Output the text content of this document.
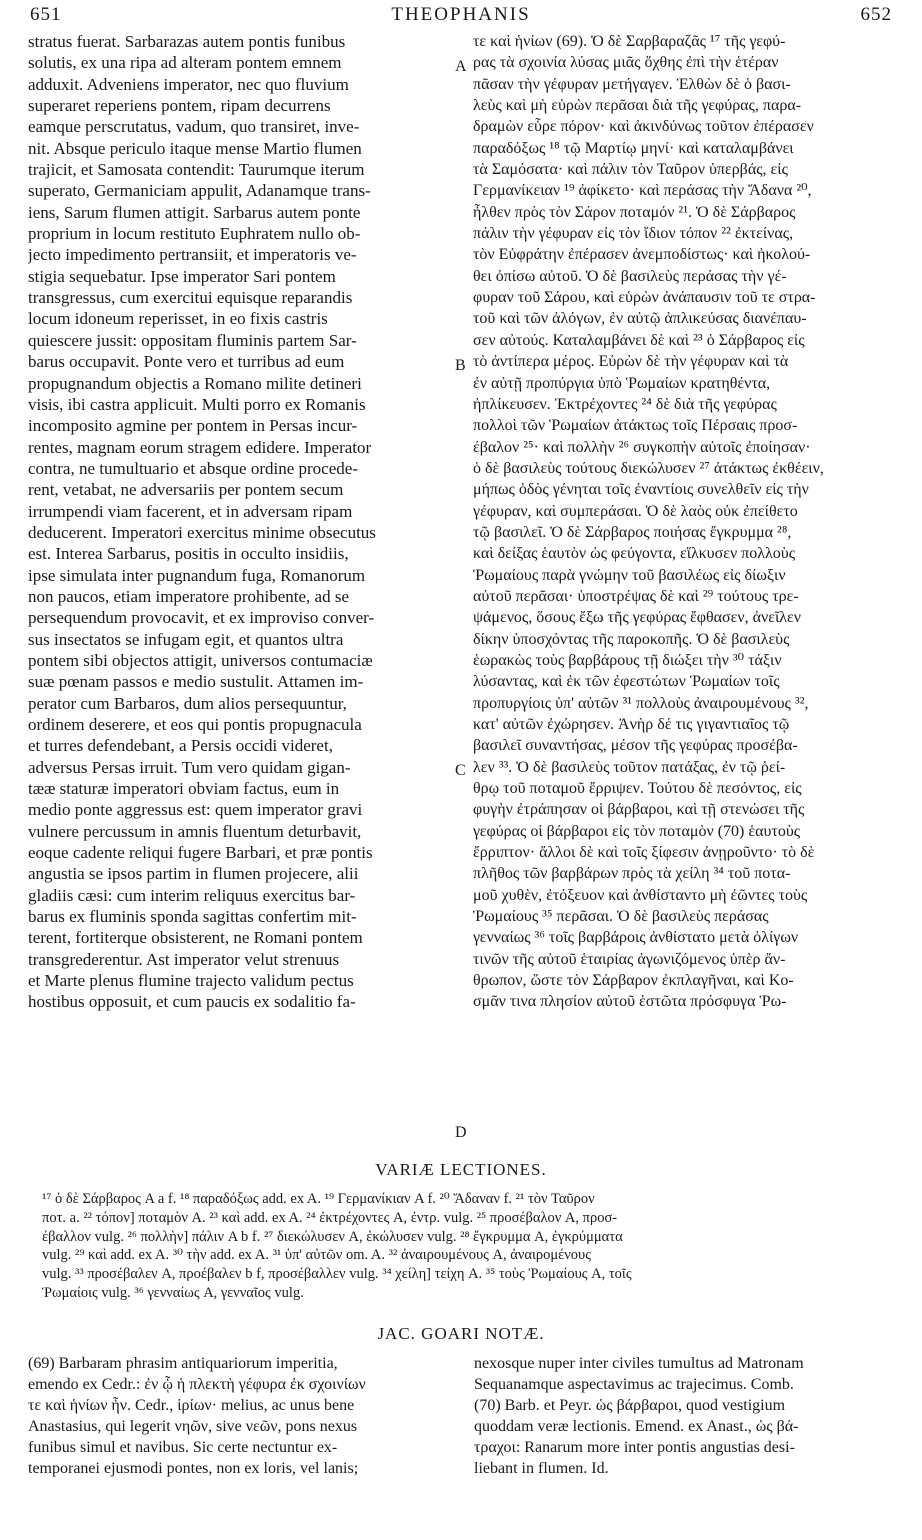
651	THEOPHANIS	652
stratus fuerat. Sarbarazas autem pontis funibus
solutis, ex una ripa ad alteram pontem emnem
adduxit. Adveniens imperator, nec quo fluvium
superaret reperiens pontem, ripam decurrens
eamque perscrutatus, vadum, quo transiret, inve-
nit. Absque periculo itaque mense Martio flumen
trajicit, et Samosata contendit: Taurumque iterum
superato, Germaniciam appulit, Adanamque trans-
iens, Sarum flumen attigit. Sarbarus autem ponte
proprium in locum restituto Euphratem nullo ob-
jecto impedimento pertransiit, et imperatoris ve-
stigia sequebatur. Ipse imperator Sari pontem
transgressus, cum exercitui equisque reparandis
locum idoneum reperisset, in eo fixis castris
quiescere jussit: oppositam fluminis partem Sar-
barus occupavit. Ponte vero et turribus ad eum
propugnandum objectis a Romano milite detineri
visis, ibi castra applicuit. Multi porro ex Romanis
incomposito agmine per pontem in Persas incur-
rentes, magnam eorum stragem edidere. Imperator
contra, ne tumultuario et absque ordine procede-
rent, vetabat, ne adversariis per pontem secum
irrumpendi viam facerent, et in adversam ripam
deducerent. Imperatori exercitus minime obsecutus
est. Interea Sarbarus, positis in occulto insidiis,
ipse simulata inter pugnandum fuga, Romanorum
non paucos, etiam imperatore prohibente, ad se
persequendum provocavit, et ex improviso conver-
sus insectatos se infugam egit, et quantos ultra
pontem sibi objectos attigit, universos contumaciæ
suæ pœnam passos e medio sustulit. Attamen im-
perator cum Barbaros, dum alios persequuntur,
ordinem deserere, et eos qui pontis propugnacula
et turres defendebant, a Persis occidi videret,
adversus Persas irruit. Tum vero quidam gigan-
tææ staturæ imperatori obviam factus, eum in
medio ponte aggressus est: quem imperator gravi
vulnere percussum in amnis fluentum deturbavit,
eoque cadente reliqui fugere Barbari, et præ pontis
angustia se ipsos partim in flumen projecere, alii
gladiis cæsi: cum interim reliquus exercitus bar-
barus ex fluminis sponda sagittas confertim mit-
terent, fortiterque obsisterent, ne Romani pontem
transgrederentur. Ast imperator velut strenuus
et Marte plenus flumine trajecto validum pectus
hostibus opposuit, et cum paucis ex sodalitio fa-
τε καὶ ἡνίων (69). Ὁ δὲ Σαρβαραζᾶς ¹⁷ τῆς γεφύ-
ρας τὰ σχοινία λύσας μιᾶς ὄχθης ἐπὶ τὴν ἑτέραν
πᾶσαν τὴν γέφυραν μετήγαγεν. Ἐλθὼν δὲ ὁ βασι-
λεὺς καὶ μὴ εὑρὼν περᾶσαι διὰ τῆς γεφύρας, παρα-
δραμὼν εὗρε πόρον· καὶ ἀκινδύνως τοῦτον ἐπέρασεν
παραδόξως ¹⁸ τῷ Μαρτίῳ μηνί· καὶ καταλαμβάνει
τὰ Σαμόσατα· καὶ πάλιν τὸν Ταῦρον ὑπερβάς, εἰς
Γερμανίκειαν ¹⁹ ἀφίκετο· καὶ περάσας τὴν Ἄδανα ²⁰,
ἦλθεν πρὸς τὸν Σάρον ποταμόν ²¹. Ὁ δὲ Σάρβαρος
πάλιν τὴν γέφυραν εἰς τὸν ἴδιον τόπον ²² ἐκτείνας,
τὸν Εὐφράτην ἐπέρασεν ἀνεμποδίστως· καὶ ἠκολού-
θει ὀπίσω αὐτοῦ. Ὁ δὲ βασιλεὺς περάσας τὴν γέ-
φυραν τοῦ Σάρου, καὶ εὑρὼν ἀνάπαυσιν τοῦ τε στρα-
τοῦ καὶ τῶν ἀλόγων, ἐν αὐτῷ ἀπλικεύσας διανέπαυ-
σεν αὐτούς. Καταλαμβάνει δὲ καὶ ²³ ὁ Σάρβαρος εἰς
τὸ ἀντίπερα μέρος. Εὑρὼν δὲ τὴν γέφυραν καὶ τὰ
ἐν αὐτῇ προπύργια ὑπὸ Ῥωμαίων κρατηθέντα,
ἠπλίκευσεν. Ἐκτρέχοντες ²⁴ δὲ διὰ τῆς γεφύρας
πολλοὶ τῶν Ῥωμαίων ἀτάκτως τοῖς Πέρσαις προσ-
έβαλον ²⁵· καὶ πολλὴν ²⁶ συγκοπὴν αὐτοῖς ἐποίησαν·
ὁ δὲ βασιλεὺς τούτους διεκώλυσεν ²⁷ ἀτάκτως ἐκθέειν,
μήπως ὁδὸς γένηται τοῖς ἐναντίοις συνελθεῖν εἰς τὴν
γέφυραν, καὶ συμπεράσαι. Ὁ δὲ λαὸς οὐκ ἐπείθετο
τῷ βασιλεῖ. Ὁ δὲ Σάρβαρος ποιήσας ἔγκρυμμα ²⁸,
καὶ δείξας ἑαυτὸν ὡς φεύγοντα, εἵλκυσεν πολλοὺς
Ῥωμαίους παρὰ γνώμην τοῦ βασιλέως εἰς δίωξιν
αὐτοῦ περᾶσαι· ὑποστρέψας δὲ καὶ ²⁹ τούτους τρε-
ψάμενος, ὅσους ἔξω τῆς γεφύρας ἔφθασεν, ἀνεῖλεν
δίκην ὑποσχόντας τῆς παροκοπῆς. Ὁ δὲ βασιλεὺς
ἑωρακὼς τοὺς βαρβάρους τῇ διώξει τὴν ³⁰ τάξιν
λύσαντας, καὶ ἐκ τῶν ἐφεστώτων Ῥωμαίων τοῖς
προπυργίοις ὑπ' αὐτῶν ³¹ πολλοὺς ἀναιρουμένους ³²,
κατ' αὐτῶν ἐχώρησεν. Ἀνὴρ δέ τις γιγαντιαῖος τῷ
βασιλεῖ συναντήσας, μέσον τῆς γεφύρας προσέβα-
λεν ³³. Ὁ δὲ βασιλεὺς τοῦτον πατάξας, ἐν τῷ ῥεί-
θρῳ τοῦ ποταμοῦ ἔρριψεν. Τούτου δὲ πεσόντος, εἰς
φυγὴν ἐτράπησαν οἱ βάρβαροι, καὶ τῇ στενώσει τῆς
γεφύρας οἱ βάρβαροι εἰς τὸν ποταμὸν (70) ἑαυτοὺς
ἔρριπτον· ἄλλοι δὲ καὶ τοῖς ξίφεσιν ἀνῃροῦντο· τὸ δὲ
πλῆθος τῶν βαρβάρων πρὸς τὰ χείλη ³⁴ τοῦ ποτα-
μοῦ χυθὲν, ἐτόξευον καὶ ἀνθίσταντο μὴ ἐῶντες τοὺς
Ῥωμαίους ³⁵ περᾶσαι. Ὁ δὲ βασιλεὺς περάσας
γενναίως ³⁶ τοῖς βαρβάροις ἀνθίστατο μετὰ ὀλίγων
τινῶν τῆς αὐτοῦ ἑταιρίας ἀγωνιζόμενος ὑπὲρ ἄν-
θρωπον, ὥστε τὸν Σάρβαρον ἐκπλαγῆναι, καὶ Κο-
σμᾶν τινα πλησίον αὐτοῦ ἑστῶτα πρόσφυγα Ῥω-
A
B
C
D
VARIÆ LECTIONES.
¹⁷ ὁ δὲ Σάρβαρος A a f. ¹⁸ παραδόξως add. ex A. ¹⁹ Γερμανίκιαν A f. ²⁰ Ἄδαναν f. ²¹ τὸν Ταῦρον
ποτ. a. ²² τόπον] ποταμὸν A. ²³ καὶ add. ex A. ²⁴ ἐκτρέχοντες A, ἐντρ. vulg. ²⁵ προσέβαλον A, προσ-
έβαλλον vulg. ²⁶ πολλὴν] πάλιν A b f. ²⁷ διεκώλυσεν A, ἐκώλυσεν vulg. ²⁸ ἔγκρυμμα A, ἐγκρύμματα
vulg. ²⁹ καὶ add. ex A. ³⁰ τὴν add. ex A. ³¹ ὑπ' αὐτῶν om. A. ³² ἀναιρουμένους A, ἀναιρομένους
vulg. ³³ προσέβαλεν A, προέβαλεν b f, προσέβαλλεν vulg. ³⁴ χείλη] τείχη A. ³⁵ τοὺς Ῥωμαίους A, τοῖς
Ῥωμαίοις vulg. ³⁶ γενναίως A, γενναῖος vulg.
JAC. GOARI NOTÆ.
(69) Barbaram phrasim antiquariorum imperitia,
emendo ex Cedr.: ἐν ᾧ ἡ πλεκτὴ γέφυρα ἐκ σχοινίων
τε καὶ ἡνίων ἦν. Cedr., ἱρίων· melius, ac unus bene
Anastasius, qui legerit νηῶν, sive νεῶν, pons nexus
funibus simul et navibus. Sic certe nectuntur ex-
temporanei ejusmodi pontes, non ex loris, vel lanis;
nexosque nuper inter civiles tumultus ad Matronam
Sequanamque aspectavimus ac trajecimus. Comb.
(70) Barb. et Peyr. ὡς βάρβαροι, quod vestigium
quoddam veræ lectionis. Emend. ex Anast., ὡς βά-
τραχοι: Ranarum more inter pontis angustias desi-
liebant in flumen. Id.
